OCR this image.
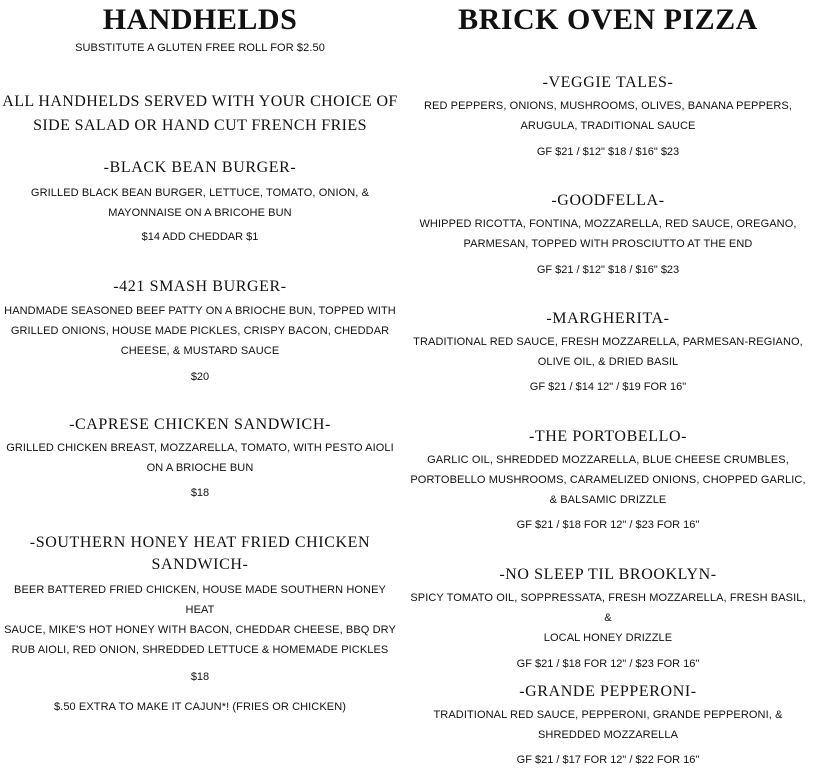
HANDHELDS
SUBSTITUTE A GLUTEN FREE ROLL FOR $2.50
ALL HANDHELDS SERVED WITH YOUR CHOICE OF
SIDE SALAD OR HAND CUT FRENCH FRIES
-BLACK BEAN BURGER-
GRILLED BLACK BEAN BURGER, LETTUCE, TOMATO, ONION, &
MAYONNAISE ON A BRICOHE BUN
$14 ADD CHEDDAR $1
-421 SMASH BURGER-
HANDMADE SEASONED BEEF PATTY ON A BRIOCHE BUN, TOPPED WITH
GRILLED ONIONS, HOUSE MADE PICKLES, CRISPY BACON, CHEDDAR
CHEESE, & MUSTARD SAUCE
$20
-CAPRESE CHICKEN SANDWICH-
GRILLED CHICKEN BREAST, MOZZARELLA, TOMATO, WITH PESTO AIOLI
ON A BRIOCHE BUN
$18
-SOUTHERN HONEY HEAT FRIED CHICKEN
SANDWICH-
BEER BATTERED FRIED CHICKEN, HOUSE MADE SOUTHERN HONEY HEAT
SAUCE, MIKE'S HOT HONEY WITH BACON, CHEDDAR CHEESE, BBQ DRY
RUB AIOLI, RED ONION, SHREDDED LETTUCE & HOMEMADE PICKLES
$18
$.50 EXTRA TO MAKE IT CAJUN*! (FRIES OR CHICKEN)
BRICK OVEN PIZZA
-VEGGIE TALES-
RED PEPPERS, ONIONS, MUSHROOMS, OLIVES, BANANA PEPPERS,
ARUGULA, TRADITIONAL SAUCE
GF $21 / $12" $18 / $16" $23
-GOODFELLA-
WHIPPED RICOTTA, FONTINA, MOZZARELLA, RED SAUCE, OREGANO,
PARMESAN, TOPPED WITH PROSCIUTTO AT THE END
GF $21 / $12" $18 / $16" $23
-MARGHERITA-
TRADITIONAL RED SAUCE, FRESH MOZZARELLA, PARMESAN-REGIANO,
OLIVE OIL, & DRIED BASIL
GF $21 / $14 12" / $19 FOR 16"
-THE PORTOBELLO-
GARLIC OIL, SHREDDED MOZZARELLA, BLUE CHEESE CRUMBLES,
PORTOBELLO MUSHROOMS, CARAMELIZED ONIONS, CHOPPED GARLIC,
& BALSAMIC DRIZZLE
GF $21 / $18 FOR 12" / $23 FOR 16"
-NO SLEEP TIL BROOKLYN-
SPICY TOMATO OIL, SOPPRESSATA, FRESH MOZZARELLA, FRESH BASIL, &
LOCAL HONEY DRIZZLE
GF $21 / $18 FOR 12" / $23 FOR 16"
-GRANDE PEPPERONI-
TRADITIONAL RED SAUCE, PEPPERONI, GRANDE PEPPERONI, &
SHREDDED MOZZARELLA
GF $21 / $17 FOR 12" / $22 FOR 16"
